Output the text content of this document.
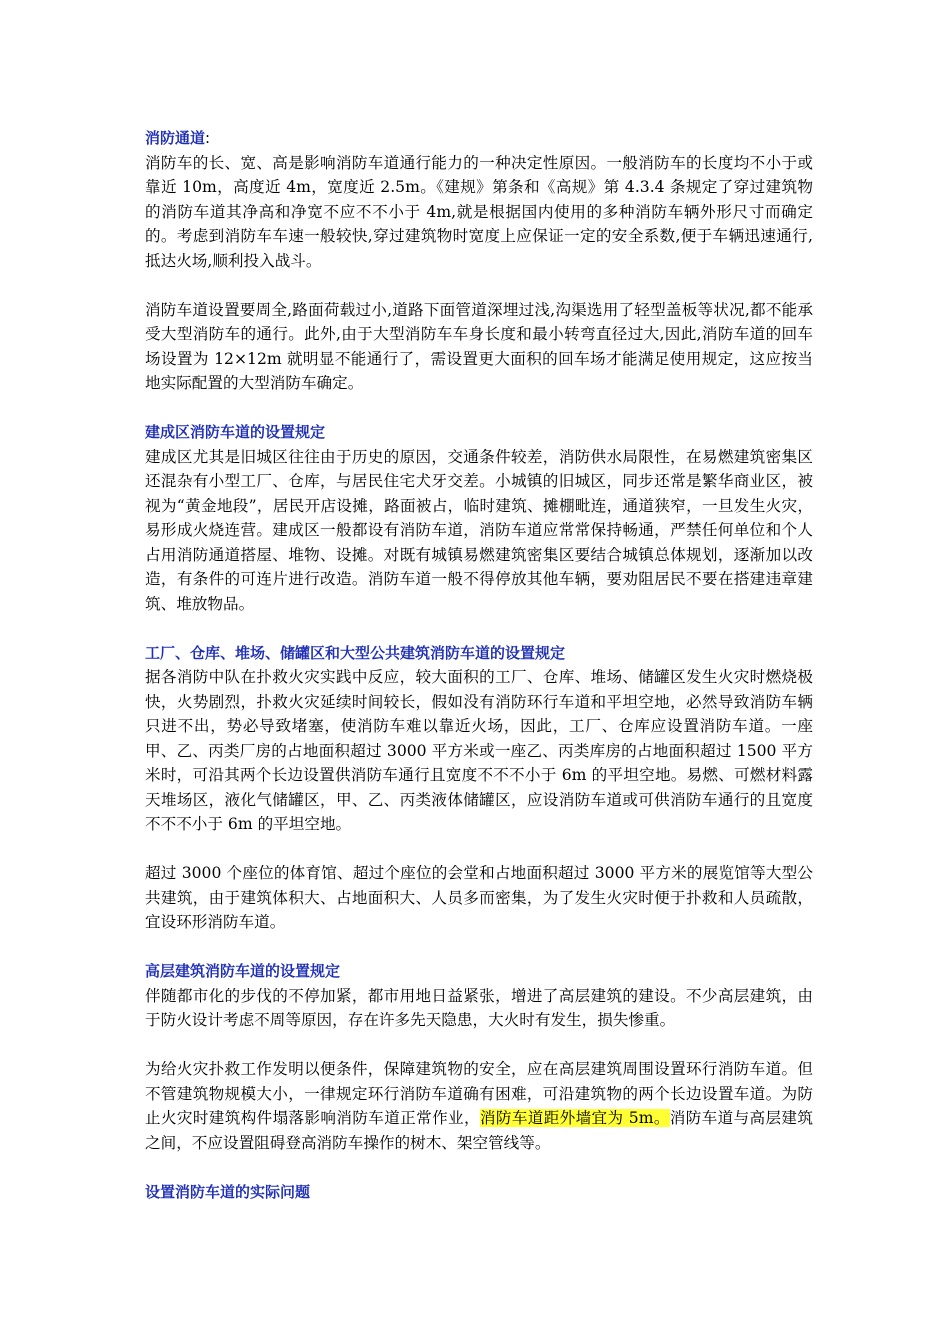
消防通道:

消防车的长、宽、高是影响消防车道通行能力的一种决定性原因。一般消防车的长度均不小于或靠近 10m，高度近 4m，宽度近 2.5m。《建规》第条和《高规》第 4.3.4 条规定了穿过建筑物的消防车道其净高和净宽不应不不小于 4m,就是根据国内使用的多种消防车辆外形尺寸而确定的。考虑到消防车车速一般较快,穿过建筑物时宽度上应保证一定的安全系数,便于车辆迅速通行,抵达火场,顺利投入战斗。

消防车道设置要周全,路面荷载过小,道路下面管道深埋过浅,沟渠选用了轻型盖板等状况,都不能承受大型消防车的通行。此外,由于大型消防车车身长度和最小转弯直径过大,因此,消防车道的回车场设置为 12×12m 就明显不能通行了，需设置更大面积的回车场才能满足使用规定，这应按当地实际配置的大型消防车确定。

建成区消防车道的设置规定

建成区尤其是旧城区往往由于历史的原因，交通条件较差，消防供水局限性，在易燃建筑密集区还混杂有小型工厂、仓库，与居民住宅犬牙交差。小城镇的旧城区，同步还常是繁华商业区，被视为“黄金地段”，居民开店设摊，路面被占，临时建筑、摊棚毗连，通道狭窄，一旦发生火灾，易形成火烧连营。建成区一般都设有消防车道，消防车道应常常保持畅通，严禁任何单位和个人占用消防通道搭屋、堆物、设摊。对既有城镇易燃建筑密集区要结合城镇总体规划，逐渐加以改造，有条件的可连片进行改造。消防车道一般不得停放其他车辆，要劝阻居民不要在搭建违章建筑、堆放物品。

工厂、仓库、堆场、储罐区和大型公共建筑消防车道的设置规定

据各消防中队在扑救火灾实践中反应，较大面积的工厂、仓库、堆场、储罐区发生火灾时燃烧极快，火势剧烈，扑救火灾延续时间较长，假如没有消防环行车道和平坦空地，必然导致消防车辆只进不出，势必导致堵塞，使消防车难以靠近火场，因此，工厂、仓库应设置消防车道。一座甲、乙、丙类厂房的占地面积超过 3000 平方米或一座乙、丙类库房的占地面积超过 1500 平方米时，可沿其两个长边设置供消防车通行且宽度不不不小于 6m 的平坦空地。易燃、可燃材料露天堆场区，液化气储罐区，甲、乙、丙类液体储罐区，应设消防车道或可供消防车通行的且宽度不不不小于 6m 的平坦空地。

超过 3000 个座位的体育馆、超过个座位的会堂和占地面积超过 3000 平方米的展览馆等大型公共建筑，由于建筑体积大、占地面积大、人员多而密集，为了发生火灾时便于扑救和人员疏散，宜设环形消防车道。

高层建筑消防车道的设置规定

伴随都市化的步伐的不停加紧，都市用地日益紧张，增进了高层建筑的建设。不少高层建筑，由于防火设计考虑不周等原因，存在许多先天隐患，大火时有发生，损失惨重。

为给火灾扑救工作发明以便条件，保障建筑物的安全，应在高层建筑周围设置环行消防车道。但不管建筑物规模大小，一律规定环行消防车道确有困难，可沿建筑物的两个长边设置车道。为防止火灾时建筑构件塌落影响消防车道正常作业，消防车道距外墙宜为 5m。消防车道与高层建筑之间，不应设置阻碍登高消防车操作的树木、架空管线等。

设置消防车道的实际问题
